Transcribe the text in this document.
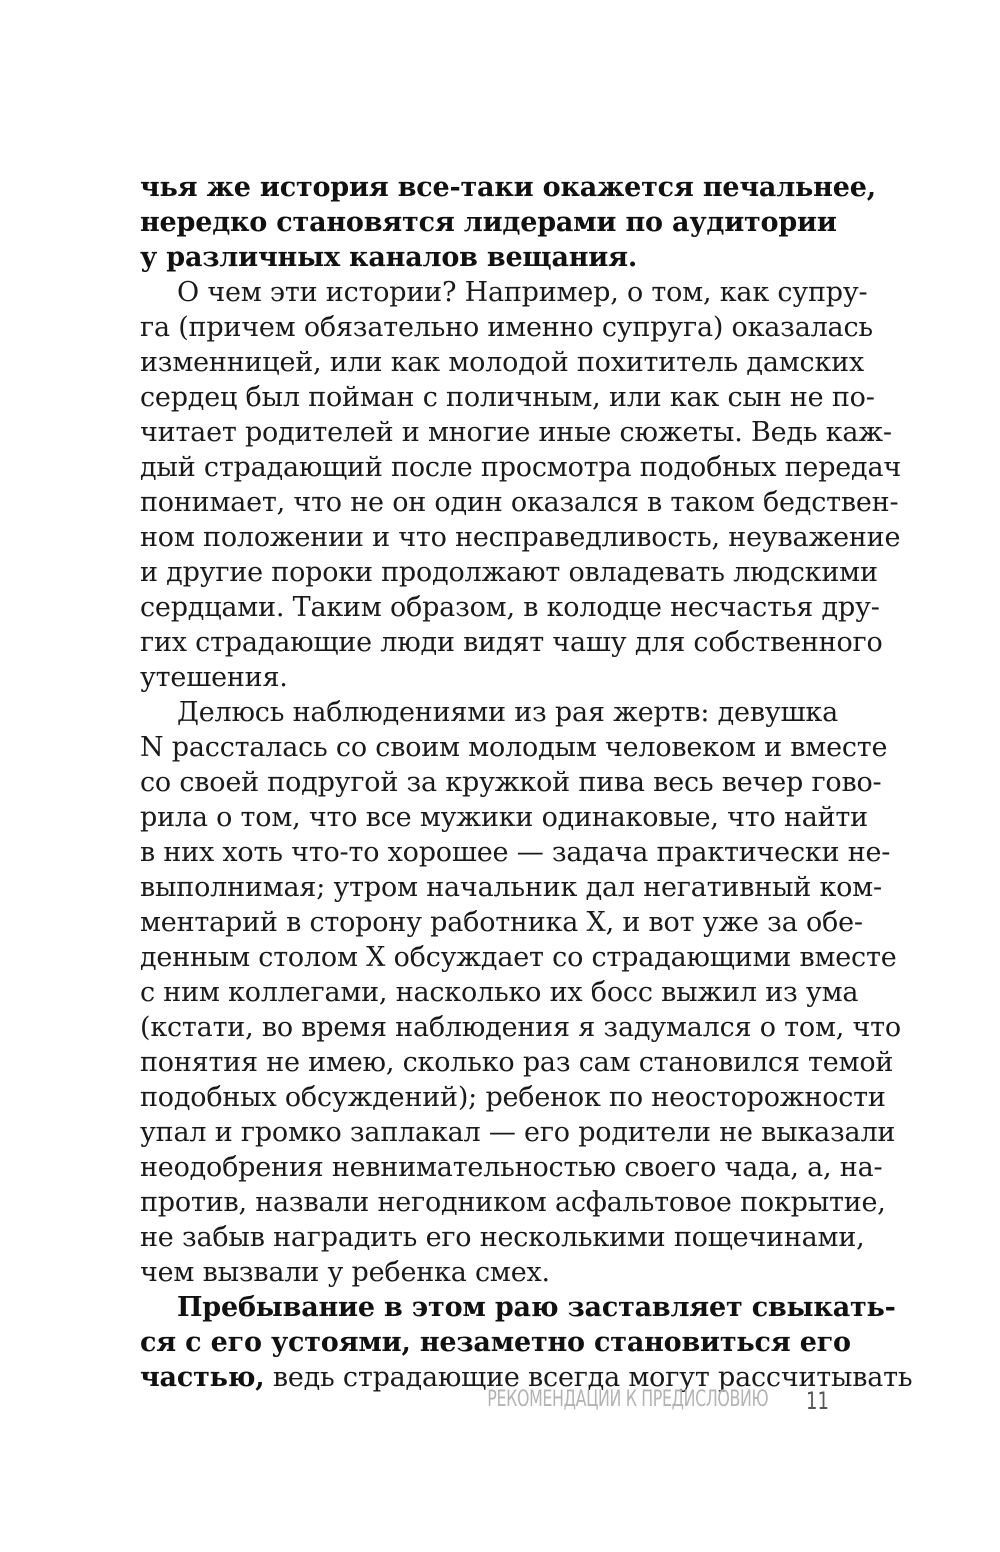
чья же история все-таки окажется печальнее,
нередко становятся лидерами по аудитории
у различных каналов вещания.
О чем эти истории? Например, о том, как супру-
га (причем обязательно именно супруга) оказалась
изменницей, или как молодой похититель дамских
сердец был пойман с поличным, или как сын не по-
читает родителей и многие иные сюжеты. Ведь каж-
дый страдающий после просмотра подобных передач
понимает, что не он один оказался в таком бедствен-
ном положении и что несправедливость, неуважение
и другие пороки продолжают овладевать людскими
сердцами. Таким образом, в колодце несчастья дру-
гих страдающие люди видят чашу для собственного
утешения.
Делюсь наблюдениями из рая жертв: девушка
N рассталась со своим молодым человеком и вместе
со своей подругой за кружкой пива весь вечер гово-
рила о том, что все мужики одинаковые, что найти
в них хоть что-то хорошее — задача практически не-
выполнимая; утром начальник дал негативный ком-
ментарий в сторону работника X, и вот уже за обе-
денным столом X обсуждает со страдающими вместе
с ним коллегами, насколько их босс выжил из ума
(кстати, во время наблюдения я задумался о том, что
понятия не имею, сколько раз сам становился темой
подобных обсуждений); ребенок по неосторожности
упал и громко заплакал — его родители не выказали
неодобрения невнимательностью своего чада, а, на-
против, назвали негодником асфальтовое покрытие,
не забыв наградить его несколькими пощечинами,
чем вызвали у ребенка смех.
Пребывание в этом раю заставляет свыкать-
ся с его устоями, незаметно становиться его
частью, ведь страдающие всегда могут рассчитывать
РЕКОМЕНДАЦИИ К ПРЕДИСЛОВИЮ 11
